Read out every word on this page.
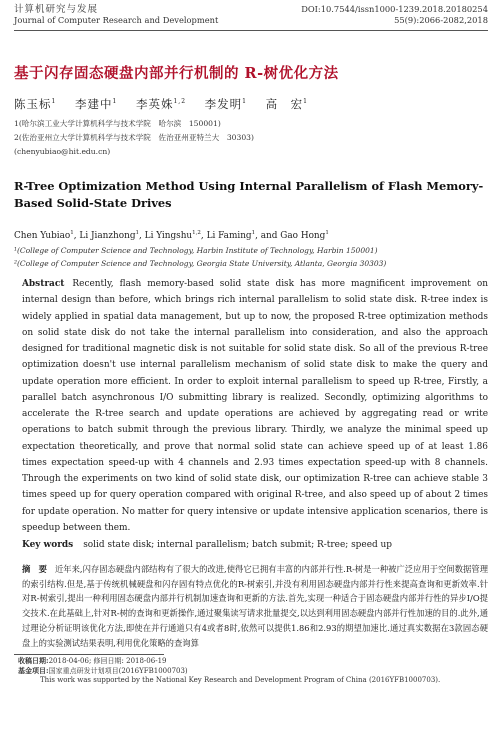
计算机研究与发展
Journal of Computer Research and Development
DOI:10.7544/issn1000-1239.2018.20180254
55(9):2066-2082,2018
基于闪存固态硬盘内部并行机制的 R-树优化方法
陈玉标$^1$ 李建中$^1$ 李英姝$^{1,2}$ 李发明$^1$ 高　宏$^1$
1(哈尔滨工业大学计算机科学与技术学院　哈尔滨　150001)
2(佐治亚州立大学计算机科学与技术学院　佐治亚州亚特兰大　30303)
(chenyubiao@hit.edu.cn)
R-Tree Optimization Method Using Internal Parallelism of Flash Memory-Based Solid-State Drives
Chen Yubiao$^1$, Li Jianzhong$^1$, Li Yingshu$^{1,2}$, Li Faming$^1$, and Gao Hong$^1$
¹(College of Computer Science and Technology, Harbin Institute of Technology, Harbin 150001)
²(College of Computer Science and Technology, Georgia State University, Atlanta, Georgia 30303)
Abstract Recently, flash memory-based solid state disk has more magnificent improvement on internal design than before, which brings rich internal parallelism to solid state disk. R-tree index is widely applied in spatial data management, but up to now, the proposed R-tree optimization methods on solid state disk do not take the internal parallelism into consideration, and also the approach designed for traditional magnetic disk is not suitable for solid state disk. So all of the previous R-tree optimization doesn't use internal parallelism mechanism of solid state disk to make the query and update operation more efficient. In order to exploit internal parallelism to speed up R-tree, Firstly, a parallel batch asynchronous I/O submitting library is realized. Secondly, optimizing algorithms to accelerate the R-tree search and update operations are achieved by aggregating read or write operations to batch submit through the previous library. Thirdly, we analyze the minimal speed up expectation theoretically, and prove that normal solid state can achieve speed up of at least 1.86 times expectation speed-up with 4 channels and 2.93 times expectation speed-up with 8 channels. Through the experiments on two kind of solid state disk, our optimization R-tree can achieve stable 3 times speed up for query operation compared with original R-tree, and also speed up of about 2 times for update operation. No matter for query intensive or update intensive application scenarios, there is speedup between them.
Key words solid state disk; internal parallelism; batch submit; R-tree; speed up
摘　要 近年来,闪存固态硬盘内部结构有了很大的改进,使得它已拥有丰富的内部并行性.R-树是一种被广泛应用于空间数据管理的索引结构.但是,基于传统机械硬盘和闪存固有特点优化的R-树索引,并没有利用固态硬盘内部并行性来提高查询和更新效率.针对R-树索引,提出一种利用固态硬盘内部并行机制加速查询和更新的方法.首先,实现一种适合于固态硬盘内部并行性的异步I/O提交技术.在此基础上,针对R-树的查询和更新操作,通过聚集读写请求批量提交,以达到利用固态硬盘内部并行性加速的目的.此外,通过理论分析证明该优化方法,即使在并行通道只有4或者8时,依然可以提供1.86和2.93的期望加速比.通过真实数据在3款固态硬盘上的实验测试结果表明,利用优化策略的查询算
收稿日期:2018-04-06; 修回日期: 2018-06-19
基金项目:国家重点研发计划项目(2016YFB1000703)
This work was supported by the National Key Research and Development Program of China (2016YFB1000703).
